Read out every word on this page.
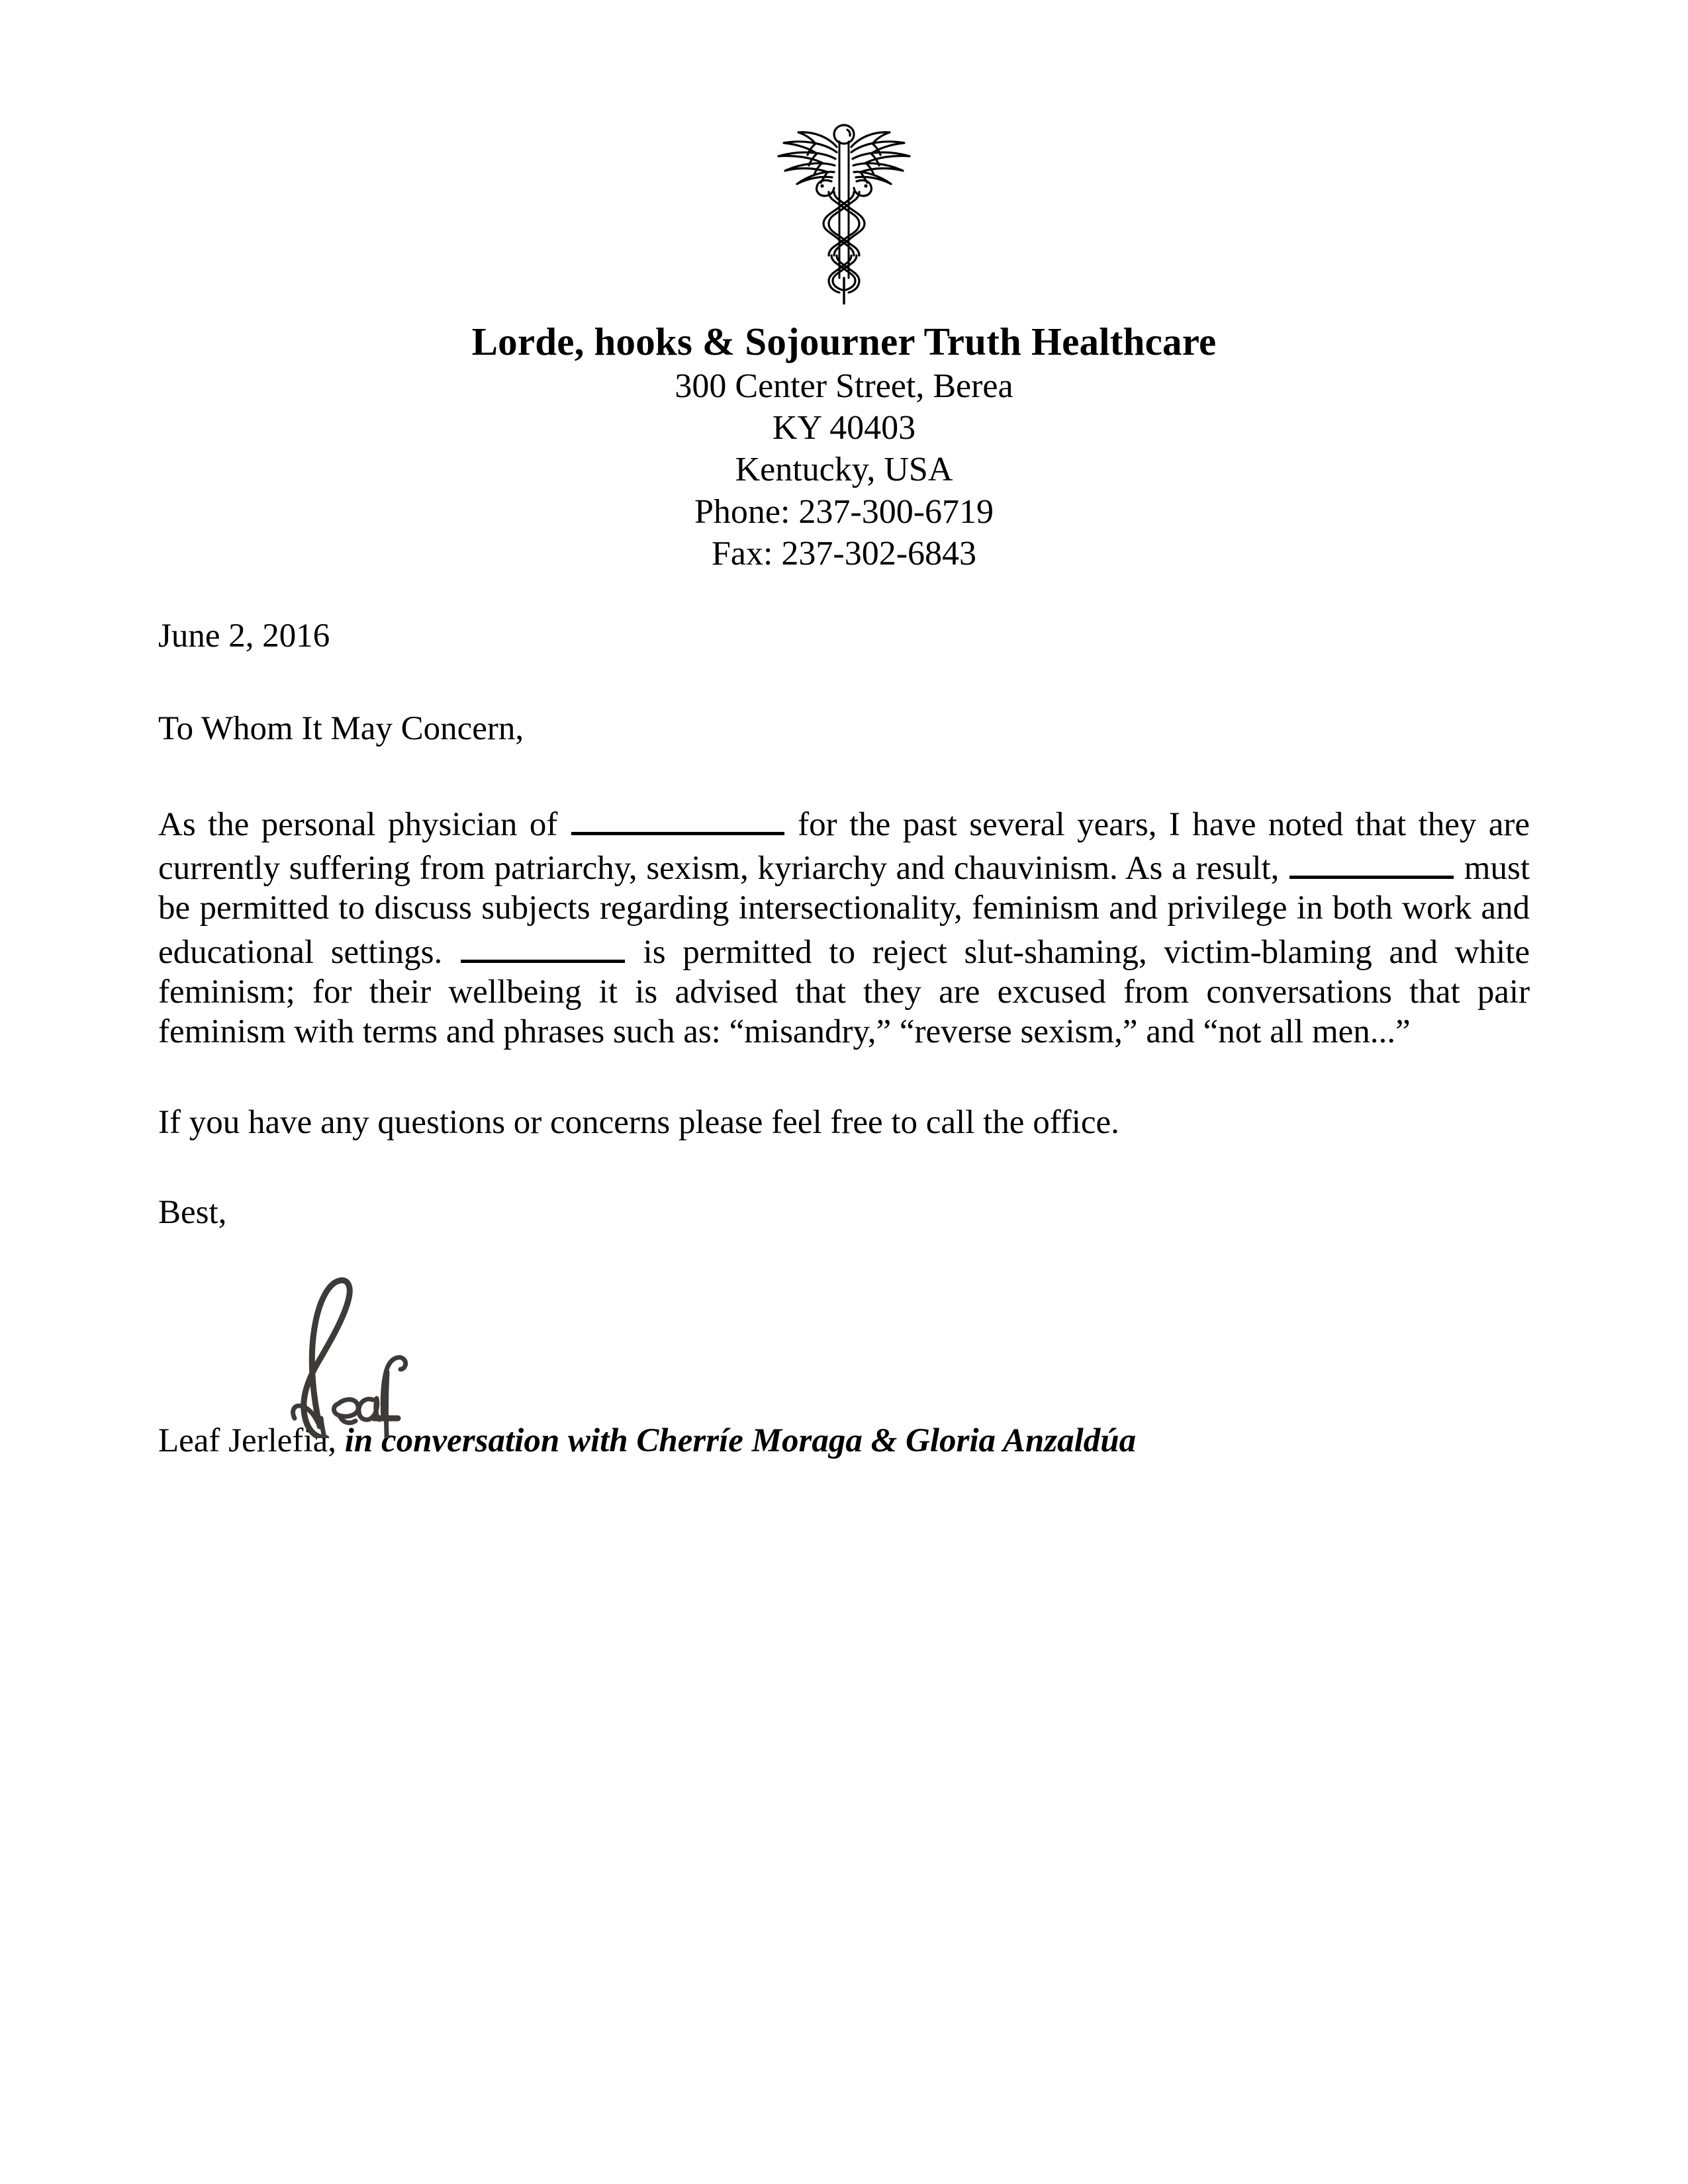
Lorde, hooks & Sojourner Truth Healthcare
300 Center Street, Berea
KY 40403
Kentucky, USA
Phone: 237-300-6719
Fax: 237-302-6843
June 2, 2016
To Whom It May Concern,
As the personal physician of	for the past several years, I have noted that they are currently suffering from patriarchy, sexism, kyriarchy and chauvinism. As a result,	must be permitted to discuss subjects regarding intersectionality, feminism and privilege in both work and educational settings.	is permitted to reject slut-shaming, victim-blaming and white feminism; for their wellbeing it is advised that they are excused from conversations that pair feminism with terms and phrases such as: “misandry,” “reverse sexism,” and “not all men...”
If you have any questions or concerns please feel free to call the office.
Best,
Leaf Jerlefia, in conversation with Cherríе Moraga & Gloria Anzaldúa
